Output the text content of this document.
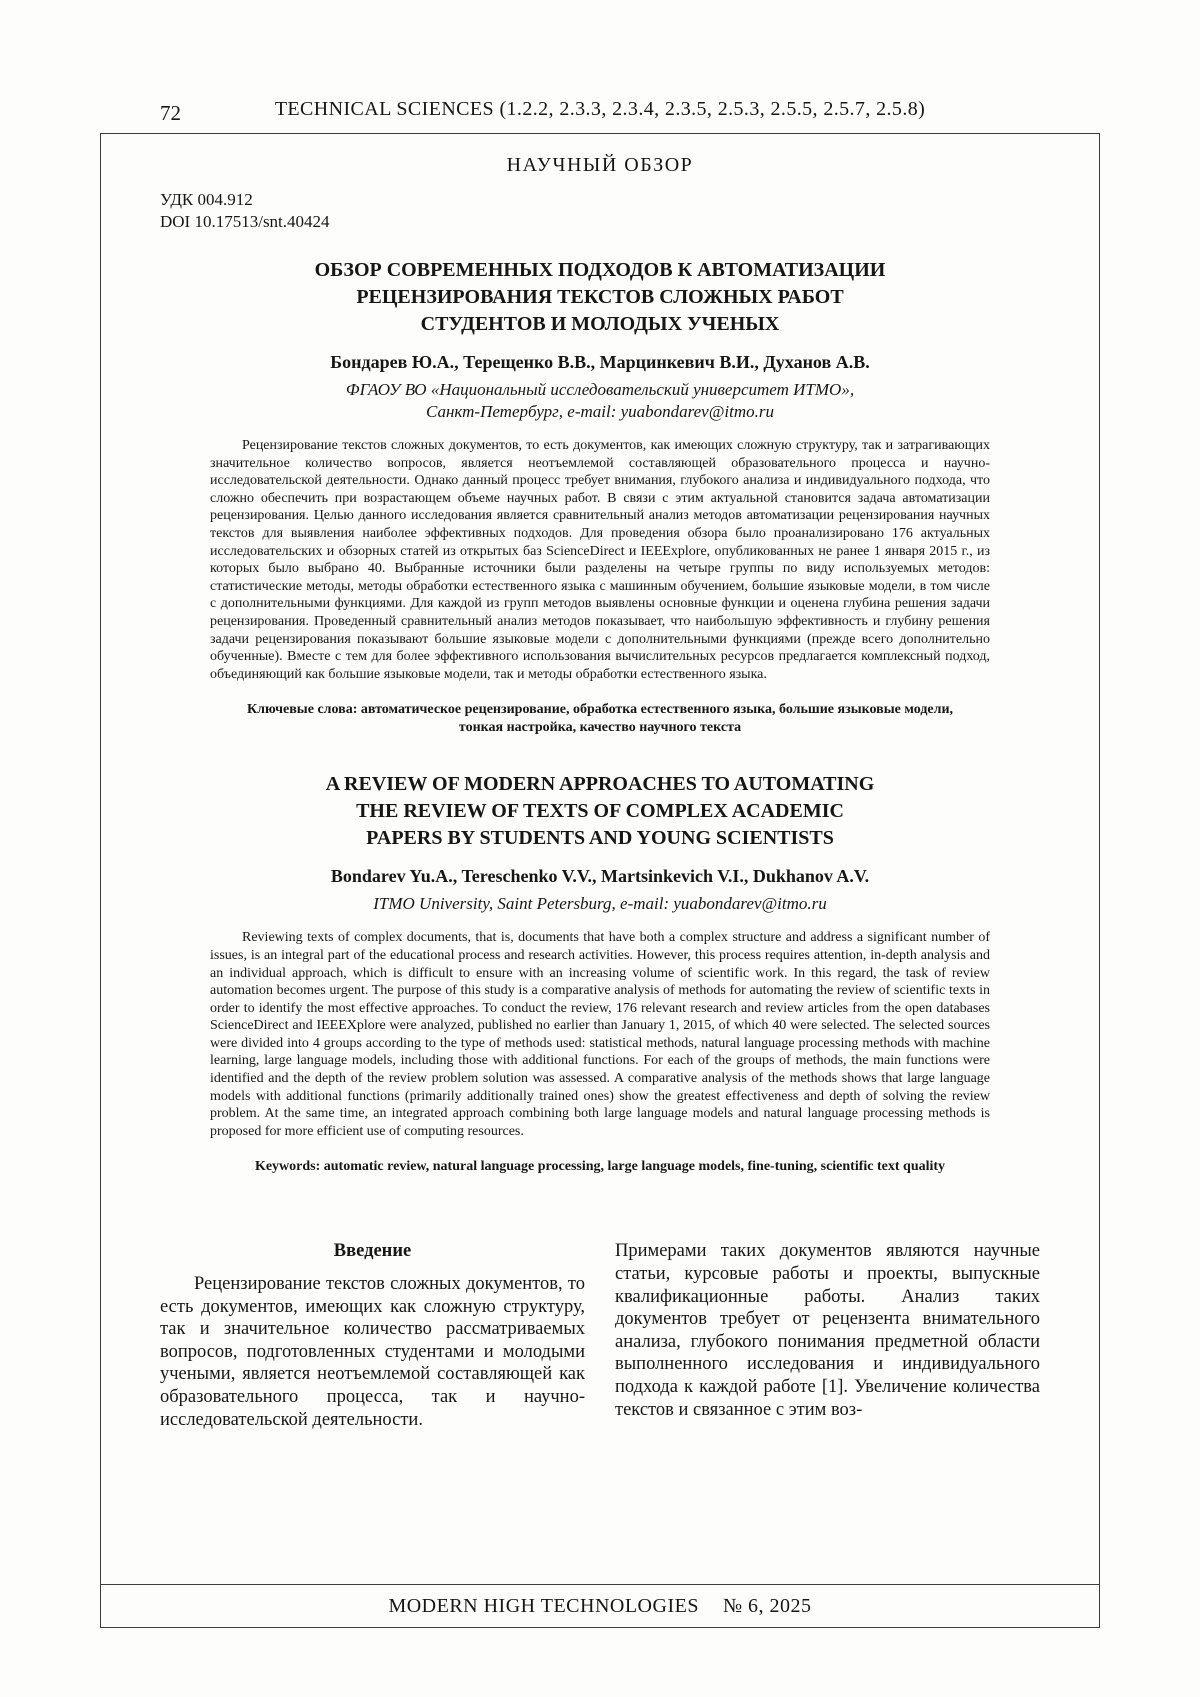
72	TECHNICAL SCIENCES (1.2.2, 2.3.3, 2.3.4, 2.3.5, 2.5.3, 2.5.5, 2.5.7, 2.5.8)
НАУЧНЫЙ ОБЗОР
УДК 004.912
DOI 10.17513/snt.40424
ОБЗОР СОВРЕМЕННЫХ ПОДХОДОВ К АВТОМАТИЗАЦИИ
РЕЦЕНЗИРОВАНИЯ ТЕКСТОВ СЛОЖНЫХ РАБОТ
СТУДЕНТОВ И МОЛОДЫХ УЧЕНЫХ
Бондарев Ю.А., Терещенко В.В., Марцинкевич В.И., Духанов А.В.
ФГАОУ ВО «Национальный исследовательский университет ИТМО»,
Санкт-Петербург, e-mail: yuabondarev@itmo.ru

Рецензирование текстов сложных документов, то есть документов, как имеющих сложную структуру, так и затрагивающих значительное количество вопросов, является неотъемлемой составляющей образовательного процесса и научно-исследовательской деятельности. Однако данный процесс требует внимания, глубокого анализа и индивидуального подхода, что сложно обеспечить при возрастающем объеме научных работ. В связи с этим актуальной становится задача автоматизации рецензирования. Целью данного исследования является сравнительный анализ методов автоматизации рецензирования научных текстов для выявления наиболее эффективных подходов. Для проведения обзора было проанализировано 176 актуальных исследовательских и обзорных статей из открытых баз ScienceDirect и IEEExplore, опубликованных не ранее 1 января 2015 г., из которых было выбрано 40. Выбранные источники были разделены на четыре группы по виду используемых методов: статистические методы, методы обработки естественного языка с машинным обучением, большие языковые модели, в том числе с дополнительными функциями. Для каждой из групп методов выявлены основные функции и оценена глубина решения задачи рецензирования. Проведенный сравнительный анализ методов показывает, что наибольшую эффективность и глубину решения задачи рецензирования показывают большие языковые модели с дополнительными функциями (прежде всего дополнительно обученные). Вместе с тем для более эффективного использования вычислительных ресурсов предлагается комплексный подход, объединяющий как большие языковые модели, так и методы обработки естественного языка.

Ключевые слова: автоматическое рецензирование, обработка естественного языка, большие языковые модели,
тонкая настройка, качество научного текста
A REVIEW OF MODERN APPROACHES TO AUTOMATING
THE REVIEW OF TEXTS OF COMPLEX ACADEMIC
PAPERS BY STUDENTS AND YOUNG SCIENTISTS
Bondarev Yu.A., Tereschenko V.V., Martsinkevich V.I., Dukhanov A.V.
ITMO University, Saint Petersburg, e-mail: yuabondarev@itmo.ru

Reviewing texts of complex documents, that is, documents that have both a complex structure and address a significant number of issues, is an integral part of the educational process and research activities. However, this process requires attention, in-depth analysis and an individual approach, which is difficult to ensure with an increasing volume of scientific work. In this regard, the task of review automation becomes urgent. The purpose of this study is a comparative analysis of methods for automating the review of scientific texts in order to identify the most effective approaches. To conduct the review, 176 relevant research and review articles from the open databases ScienceDirect and IEEEXplore were analyzed, published no earlier than January 1, 2015, of which 40 were selected. The selected sources were divided into 4 groups according to the type of methods used: statistical methods, natural language processing methods with machine learning, large language models, including those with additional functions. For each of the groups of methods, the main functions were identified and the depth of the review problem solution was assessed. A comparative analysis of the methods shows that large language models with additional functions (primarily additionally trained ones) show the greatest effectiveness and depth of solving the review problem. At the same time, an integrated approach combining both large language models and natural language processing methods is proposed for more efficient use of computing resources.

Keywords: automatic review, natural language processing, large language models, fine-tuning, scientific text quality
Введение

Рецензирование текстов сложных документов, то есть документов, имеющих как сложную структуру, так и значительное количество рассматриваемых вопросов, подготовленных студентами и молодыми учеными, является неотъемлемой составляющей как образовательного процесса, так и научно-исследовательской деятельности.

Примерами таких документов являются научные статьи, курсовые работы и проекты, выпускные квалификационные работы. Анализ таких документов требует от рецензента внимательного анализа, глубокого понимания предметной области выполненного исследования и индивидуального подхода к каждой работе [1]. Увеличение количества текстов и связанное с этим воз-

MODERN HIGH TECHNOLOGIES № 6, 2025
